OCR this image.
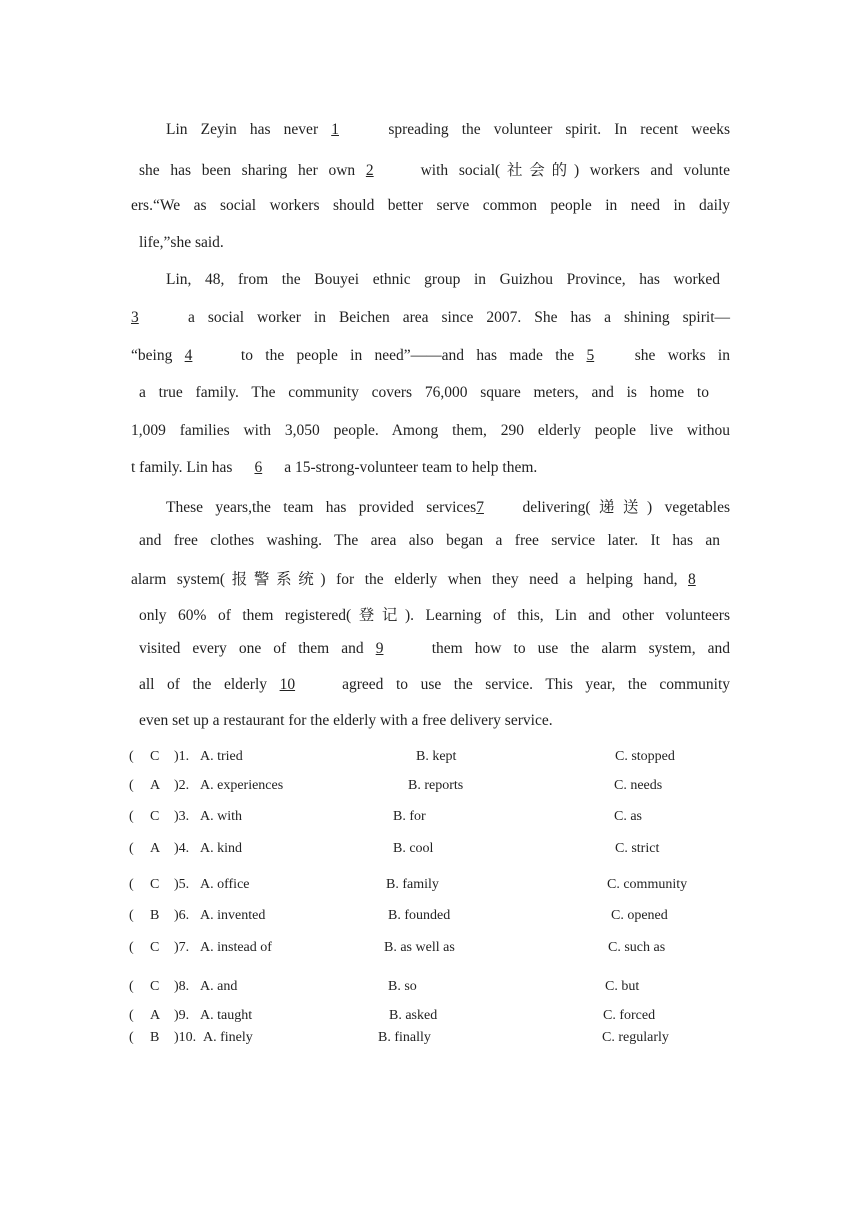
Lin Zeyin has never 1 spreading the volunteer spirit. In recent weeks
she has been sharing her own 2 with social(社会的) workers and volunte
ers.“We as social workers should better serve common people in need in daily
life,”she said.
Lin, 48, from the Bouyei ethnic group in Guizhou Province, has worked
3 a social worker in Beichen area since 2007. She has a shining spirit—
“being 4 to the people in need”——and has made the 5 she works in
a true family. The community covers 76,000 square meters, and is home to
1,009 families with 3,050 people. Among them, 290 elderly people live withou
t family. Lin has 6 a 15-strong-volunteer team to help them.
These years,the team has provided services7 delivering(递送) vegetables
and free clothes washing. The area also began a free service later. It has an
alarm system(报警系统) for the elderly when they need a helping hand, 8
only 60% of them registered(登记). Learning of this, Lin and other volunteers
visited every one of them and 9 them how to use the alarm system, and
all of the elderly 10 agreed to use the service. This year, the community
even set up a restaurant for the elderly with a free delivery service.
( C )1. A. tried	B. kept	C. stopped
( A )2. A. experiences	B. reports	C. needs
( C )3. A. with	B. for	C. as
( A )4. A. kind	B. cool	C. strict
( C )5. A. office	B. family	C. community
( B )6. A. invented	B. founded	C. opened
( C )7. A. instead of	B. as well as	C. such as
( C )8. A. and	B. so	C. but
( A )9. A. taught	B. asked	C. forced
( B )10. A. finely	B. finally	C. regularly
